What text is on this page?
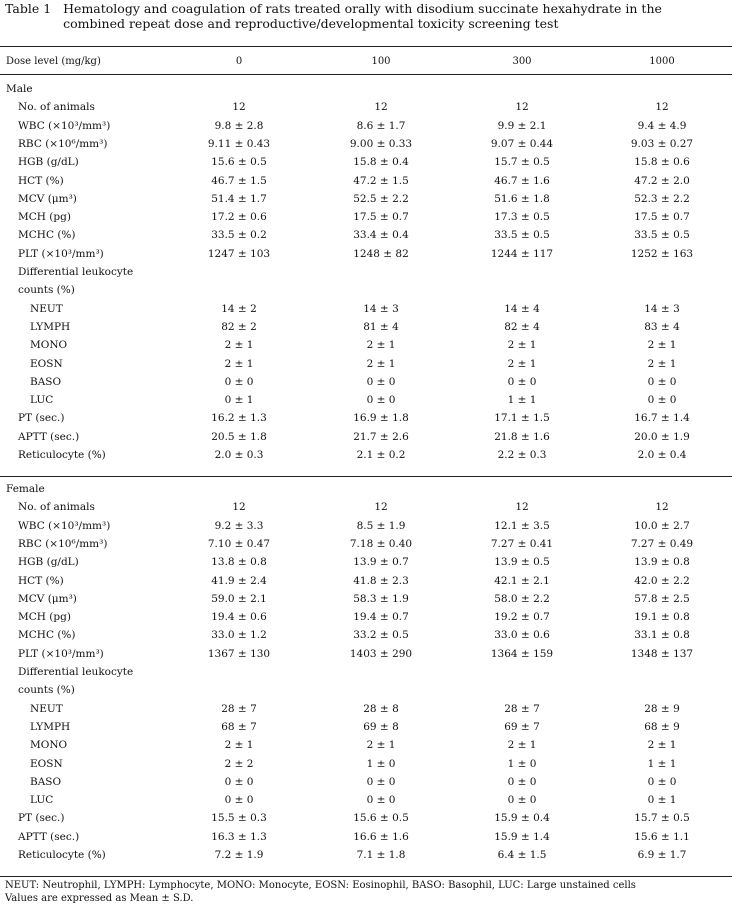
Table 1 Hematology and coagulation of rats treated orally with disodium succinate hexahydrate in the combined repeat dose and reproductive/developmental toxicity screening test
Dose level (mg/kg)	0	100	300	1000
Male
No. of animals	12	12	12	12
WBC (×10³/mm³)	9.8 ± 2.8	8.6 ± 1.7	9.9 ± 2.1	9.4 ± 4.9
RBC (×10⁶/mm³)	9.11 ± 0.43	9.00 ± 0.33	9.07 ± 0.44	9.03 ± 0.27
HGB (g/dL)	15.6 ± 0.5	15.8 ± 0.4	15.7 ± 0.5	15.8 ± 0.6
HCT (%)	46.7 ± 1.5	47.2 ± 1.5	46.7 ± 1.6	47.2 ± 2.0
MCV (μm³)	51.4 ± 1.7	52.5 ± 2.2	51.6 ± 1.8	52.3 ± 2.2
MCH (pg)	17.2 ± 0.6	17.5 ± 0.7	17.3 ± 0.5	17.5 ± 0.7
MCHC (%)	33.5 ± 0.2	33.4 ± 0.4	33.5 ± 0.5	33.5 ± 0.5
PLT (×10³/mm³)	1247 ± 103	1248 ± 82	1244 ± 117	1252 ± 163
Differential leukocyte
counts (%)
NEUT	14 ± 2	14 ± 3	14 ± 4	14 ± 3
LYMPH	82 ± 2	81 ± 4	82 ± 4	83 ± 4
MONO	2 ± 1	2 ± 1	2 ± 1	2 ± 1
EOSN	2 ± 1	2 ± 1	2 ± 1	2 ± 1
BASO	0 ± 0	0 ± 0	0 ± 0	0 ± 0
LUC	0 ± 1	0 ± 0	1 ± 1	0 ± 0
PT (sec.)	16.2 ± 1.3	16.9 ± 1.8	17.1 ± 1.5	16.7 ± 1.4
APTT (sec.)	20.5 ± 1.8	21.7 ± 2.6	21.8 ± 1.6	20.0 ± 1.9
Reticulocyte (%)	2.0 ± 0.3	2.1 ± 0.2	2.2 ± 0.3	2.0 ± 0.4
Female
No. of animals	12	12	12	12
WBC (×10³/mm³)	9.2 ± 3.3	8.5 ± 1.9	12.1 ± 3.5	10.0 ± 2.7
RBC (×10⁶/mm³)	7.10 ± 0.47	7.18 ± 0.40	7.27 ± 0.41	7.27 ± 0.49
HGB (g/dL)	13.8 ± 0.8	13.9 ± 0.7	13.9 ± 0.5	13.9 ± 0.8
HCT (%)	41.9 ± 2.4	41.8 ± 2.3	42.1 ± 2.1	42.0 ± 2.2
MCV (μm³)	59.0 ± 2.1	58.3 ± 1.9	58.0 ± 2.2	57.8 ± 2.5
MCH (pg)	19.4 ± 0.6	19.4 ± 0.7	19.2 ± 0.7	19.1 ± 0.8
MCHC (%)	33.0 ± 1.2	33.2 ± 0.5	33.0 ± 0.6	33.1 ± 0.8
PLT (×10³/mm³)	1367 ± 130	1403 ± 290	1364 ± 159	1348 ± 137
Differential leukocyte
counts (%)
NEUT	28 ± 7	28 ± 8	28 ± 7	28 ± 9
LYMPH	68 ± 7	69 ± 8	69 ± 7	68 ± 9
MONO	2 ± 1	2 ± 1	2 ± 1	2 ± 1
EOSN	2 ± 2	1 ± 0	1 ± 0	1 ± 1
BASO	0 ± 0	0 ± 0	0 ± 0	0 ± 0
LUC	0 ± 0	0 ± 0	0 ± 0	0 ± 1
PT (sec.)	15.5 ± 0.3	15.6 ± 0.5	15.9 ± 0.4	15.7 ± 0.5
APTT (sec.)	16.3 ± 1.3	16.6 ± 1.6	15.9 ± 1.4	15.6 ± 1.1
Reticulocyte (%)	7.2 ± 1.9	7.1 ± 1.8	6.4 ± 1.5	6.9 ± 1.7
NEUT: Neutrophil, LYMPH: Lymphocyte, MONO: Monocyte, EOSN: Eosinophil, BASO: Basophil, LUC: Large unstained cells
Values are expressed as Mean ± S.D.
